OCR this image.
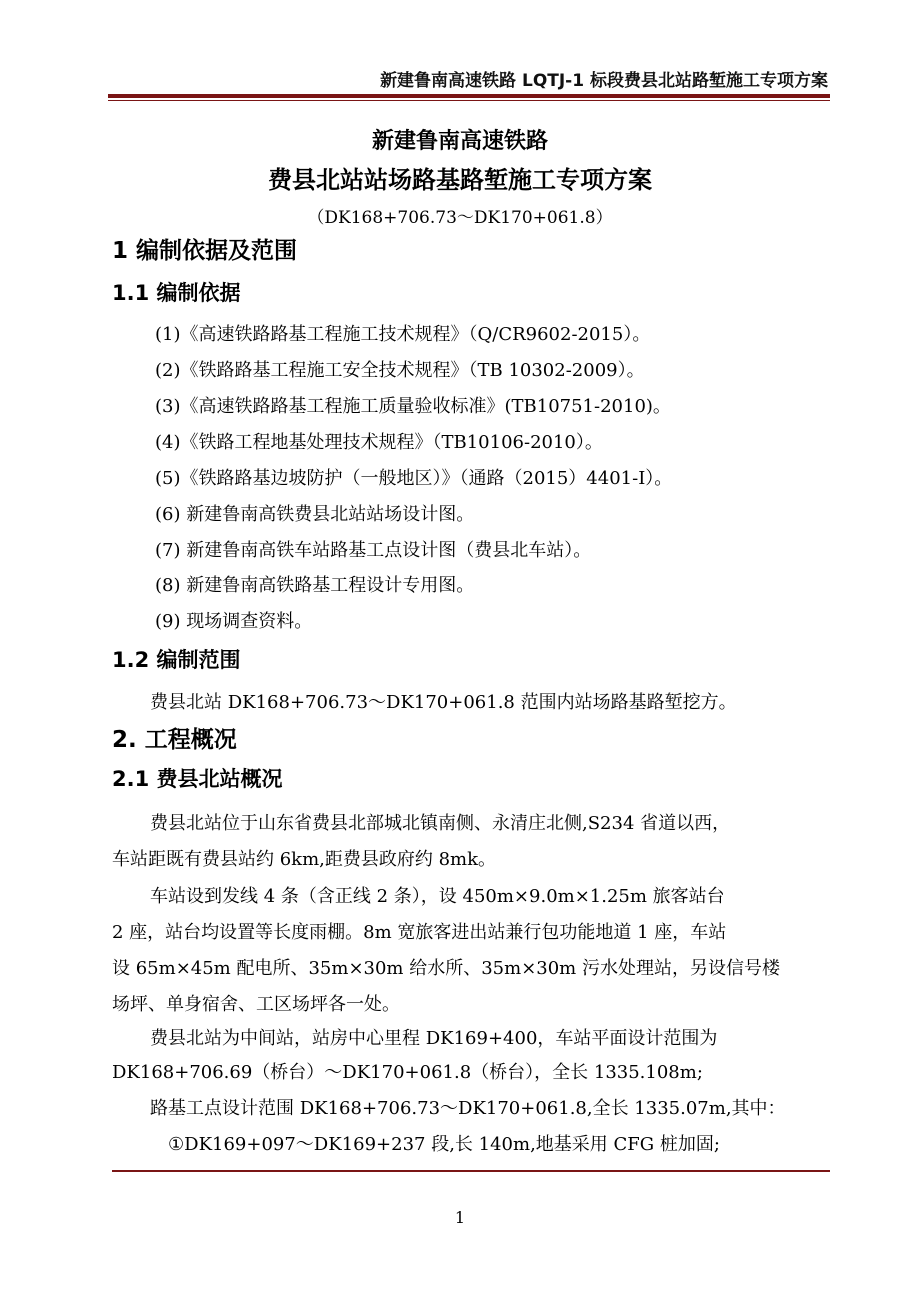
新建鲁南高速铁路 LQTJ-1 标段费县北站路堑施工专项方案
新建鲁南高速铁路
费县北站站场路基路堑施工专项方案
（DK168+706.73～DK170+061.8）
1 编制依据及范围
1.1 编制依据
(1)《高速铁路路基工程施工技术规程》（Q/CR9602-2015）。
(2)《铁路路基工程施工安全技术规程》（TB 10302-2009）。
(3)《高速铁路路基工程施工质量验收标准》(TB10751-2010)。
(4)《铁路工程地基处理技术规程》（TB10106-2010）。
(5)《铁路路基边坡防护（一般地区）》（通路（2015）4401-Ⅰ）。
(6) 新建鲁南高铁费县北站站场设计图。
(7) 新建鲁南高铁车站路基工点设计图（费县北车站）。
(8) 新建鲁南高铁路基工程设计专用图。
(9) 现场调查资料。
1.2 编制范围
费县北站 DK168+706.73～DK170+061.8 范围内站场路基路堑挖方。
2. 工程概况
2.1 费县北站概况
费县北站位于山东省费县北部城北镇南侧、永清庄北侧,S234 省道以西，
车站距既有费县站约 6km,距费县政府约 8mk。
车站设到发线 4 条（含正线 2 条），设 450m×9.0m×1.25m 旅客站台
2 座，站台均设置等长度雨棚。8m 宽旅客进出站兼行包功能地道 1 座，车站
设 65m×45m 配电所、35m×30m 给水所、35m×30m 污水处理站，另设信号楼
场坪、单身宿舍、工区场坪各一处。
费县北站为中间站，站房中心里程 DK169+400，车站平面设计范围为
DK168+706.69（桥台）～DK170+061.8（桥台），全长 1335.108m;
路基工点设计范围 DK168+706.73～DK170+061.8,全长 1335.07m,其中：
①DK169+097～DK169+237 段,长 140m,地基采用 CFG 桩加固;
1
